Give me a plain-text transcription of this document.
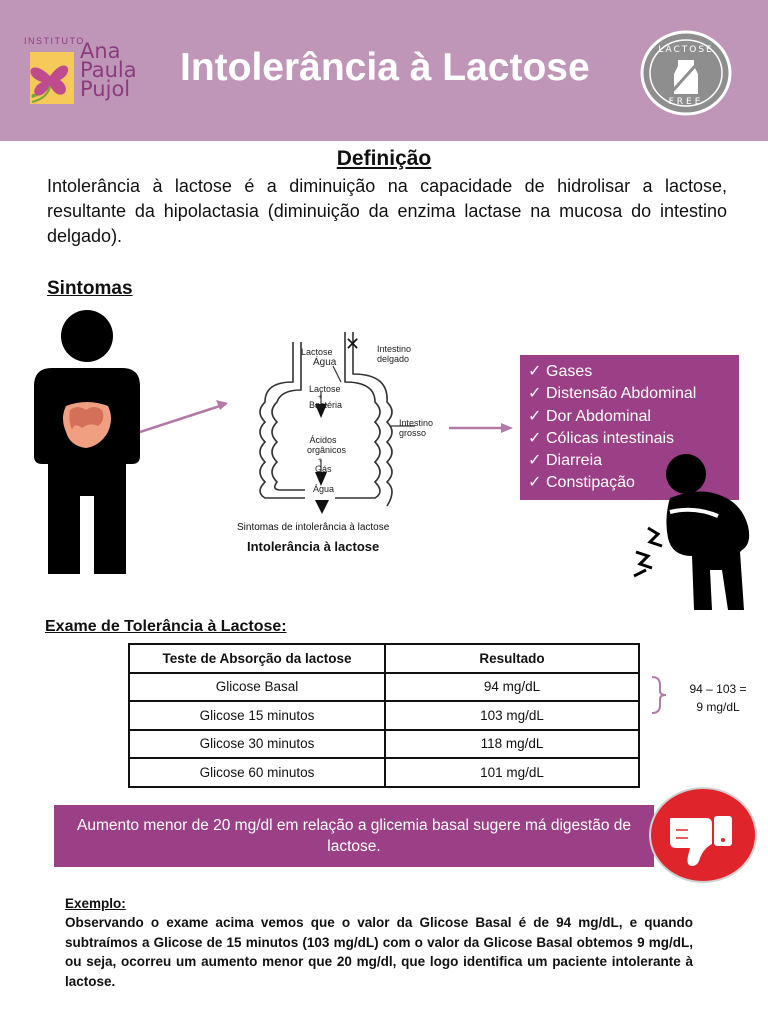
INSTITUTO
Ana
Paula
Pujol Intolerância à Lactose	LACTOSE
FREE
Definição
Intolerância à lactose é a diminuição na capacidade de hidrolisar a lactose, resultante da hipolactasia (diminuição da enzima lactase na mucosa do intestino delgado).
Sintomas
✕
Lactose
Água
Intestino delgado
Lactose
+
Bactéria
Ácidos orgânicos
+
Gás
+
Água
Intestino grosso
Sintomas de intolerância à lactose
Intolerância à lactose
✓ Gases
✓ Distensão Abdominal
✓ Dor Abdominal
✓ Cólicas intestinais
✓ Diarreia
✓ Constipação
Exame de Tolerância à Lactose:
Teste de Absorção da lactose	Resultado
Glicose Basal	94 mg/dL
Glicose 15 minutos	103 mg/dL
Glicose 30 minutos	118 mg/dL
Glicose 60 minutos	101 mg/dL
94 – 103 =
9 mg/dL
Aumento menor de 20 mg/dl em relação a glicemia basal sugere má digestão de lactose.
Exemplo:
Observando o exame acima vemos que o valor da Glicose Basal é de 94 mg/dL, e quando subtraímos a Glicose de 15 minutos (103 mg/dL) com o valor da Glicose Basal obtemos 9 mg/dL, ou seja, ocorreu um aumento menor que 20 mg/dl, que logo identifica um paciente intolerante à lactose.
